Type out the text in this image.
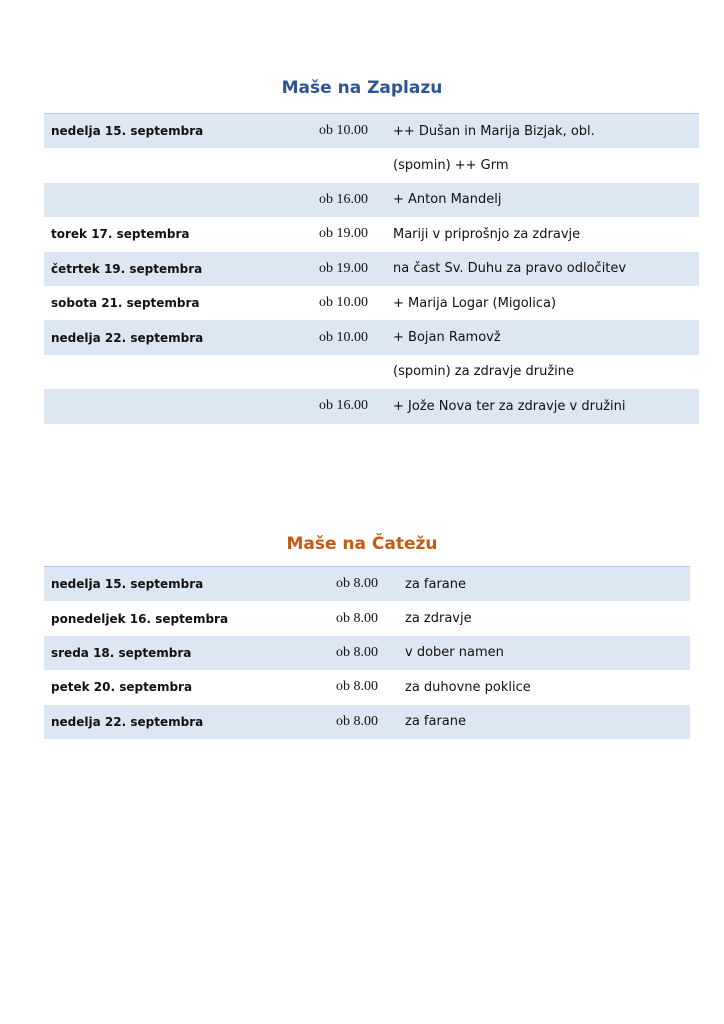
Maše na Zaplazu
nedelja 15. septembra	ob 10.00	++ Dušan in Marija Bizjak, obl.
		(spomin) ++ Grm
	ob 16.00	+ Anton Mandelj
torek 17. septembra	ob 19.00	Mariji v priprošnjo za zdravje
četrtek 19. septembra	ob 19.00	na čast Sv. Duhu za pravo odločitev
sobota 21. septembra	ob 10.00	+ Marija Logar (Migolica)
nedelja 22. septembra	ob 10.00	+ Bojan Ramovž
		(spomin) za zdravje družine
	ob 16.00	+ Jože Nova ter za zdravje v družini
Maše na Čatežu
nedelja 15. septembra	ob 8.00	za farane
ponedeljek 16. septembra	ob 8.00	za zdravje
sreda 18. septembra	ob 8.00	v dober namen
petek 20. septembra	ob 8.00	za duhovne poklice
nedelja 22. septembra	ob 8.00	za farane
